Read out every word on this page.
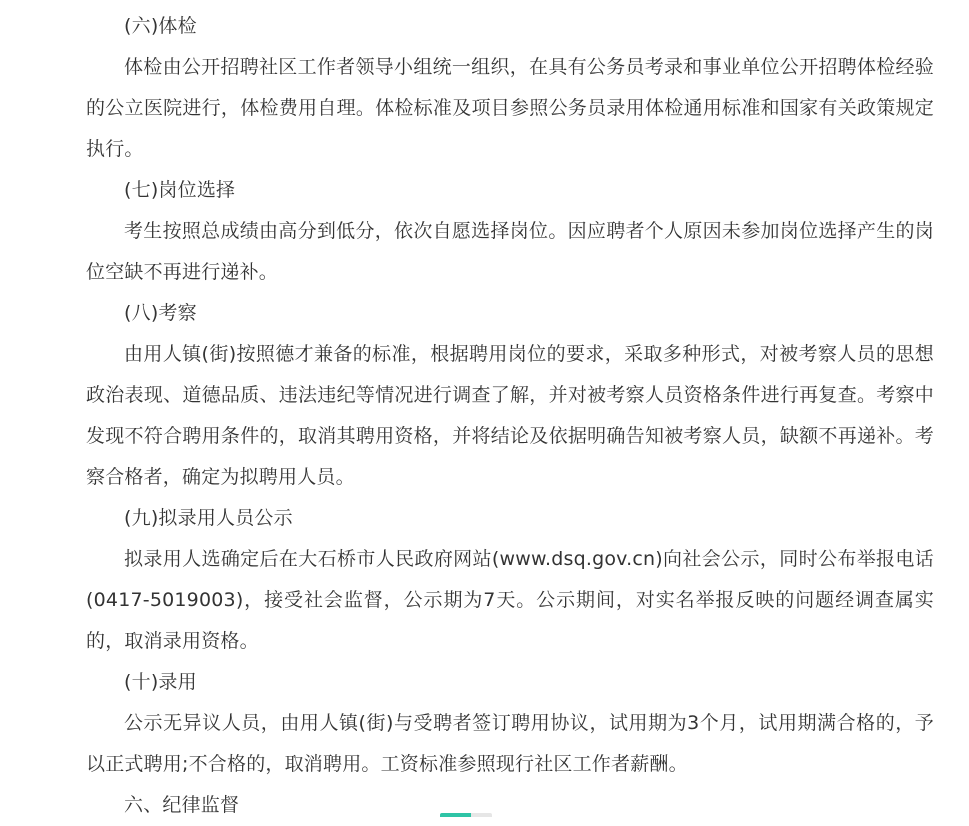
(六)体检

体检由公开招聘社区工作者领导小组统一组织，在具有公务员考录和事业单位公开招聘体检经验的公立医院进行，体检费用自理。体检标准及项目参照公务员录用体检通用标准和国家有关政策规定执行。

(七)岗位选择

考生按照总成绩由高分到低分，依次自愿选择岗位。因应聘者个人原因未参加岗位选择产生的岗位空缺不再进行递补。

(八)考察

由用人镇(街)按照德才兼备的标准，根据聘用岗位的要求，采取多种形式，对被考察人员的思想政治表现、道德品质、违法违纪等情况进行调查了解，并对被考察人员资格条件进行再复查。考察中发现不符合聘用条件的，取消其聘用资格，并将结论及依据明确告知被考察人员，缺额不再递补。考察合格者，确定为拟聘用人员。

(九)拟录用人员公示

拟录用人选确定后在大石桥市人民政府网站(www.dsq.gov.cn)向社会公示，同时公布举报电话(0417-5019003)，接受社会监督，公示期为7天。公示期间，对实名举报反映的问题经调查属实的，取消录用资格。

(十)录用

公示无异议人员，由用人镇(街)与受聘者签订聘用协议，试用期为3个月，试用期满合格的，予以正式聘用;不合格的，取消聘用。工资标准参照现行社区工作者薪酬。

六、纪律监督
